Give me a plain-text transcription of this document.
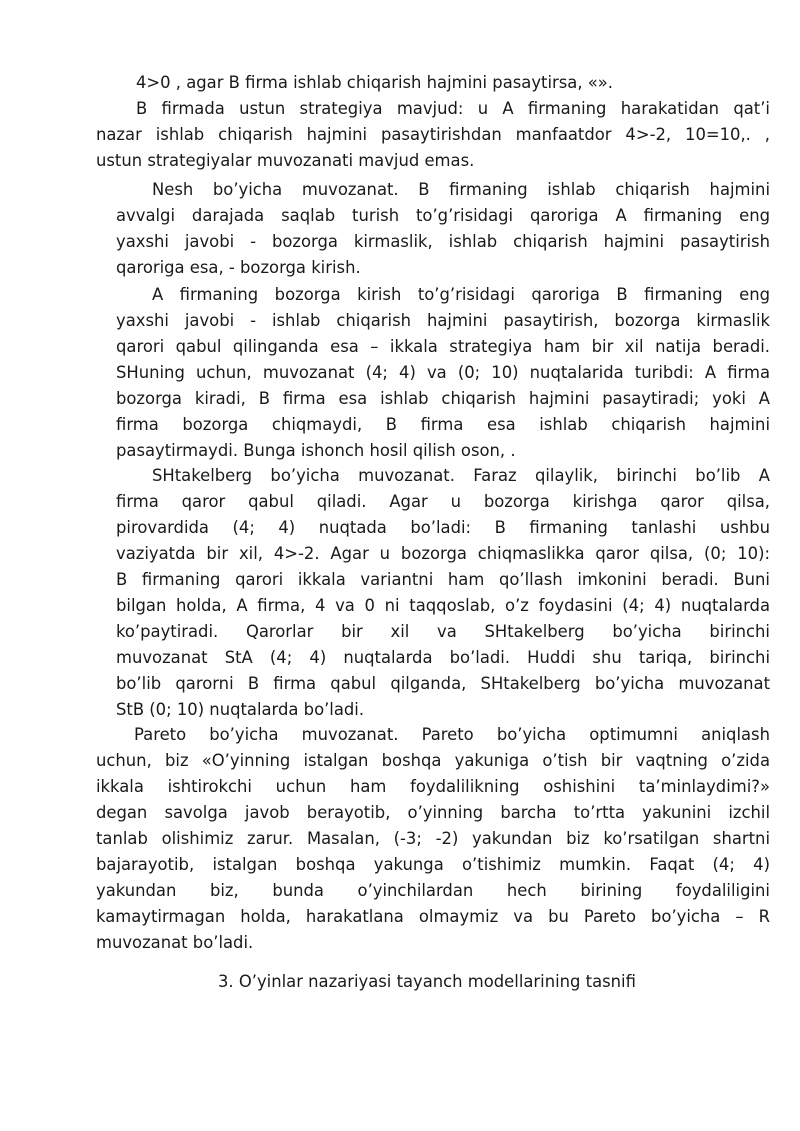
4>0 , agar B firma ishlab chiqarish hajmini pasaytirsa, «».
B firmada ustun strategiya mavjud: u A firmaning harakatidan qat’i
nazar ishlab chiqarish hajmini pasaytirishdan manfaatdor 4>-2, 10=10,. ,
ustun strategiyalar muvozanati mavjud emas.
Nesh bo’yicha muvozanat. B firmaning ishlab chiqarish hajmini
avvalgi darajada saqlab turish to’g’risidagi qaroriga A firmaning eng
yaxshi javobi - bozorga kirmaslik, ishlab chiqarish hajmini pasaytirish
qaroriga esa, - bozorga kirish.
A firmaning bozorga kirish to’g’risidagi qaroriga B firmaning eng
yaxshi javobi - ishlab chiqarish hajmini pasaytirish, bozorga kirmaslik
qarori qabul qilinganda esa – ikkala strategiya ham bir xil natija beradi.
SHuning uchun, muvozanat (4; 4) va (0; 10) nuqtalarida turibdi: A firma
bozorga kiradi, B firma esa ishlab chiqarish hajmini pasaytiradi; yoki A
firma bozorga chiqmaydi, B firma esa ishlab chiqarish hajmini
pasaytirmaydi. Bunga ishonch hosil qilish oson, .
SHtakelberg bo’yicha muvozanat. Faraz qilaylik, birinchi bo’lib A
firma qaror qabul qiladi. Agar u bozorga kirishga qaror qilsa,
pirovardida (4; 4) nuqtada bo’ladi: B firmaning tanlashi ushbu
vaziyatda bir xil, 4>-2. Agar u bozorga chiqmaslikka qaror qilsa, (0; 10):
B firmaning qarori ikkala variantni ham qo’llash imkonini beradi. Buni
bilgan holda, A firma, 4 va 0 ni taqqoslab, o’z foydasini (4; 4) nuqtalarda
ko’paytiradi. Qarorlar bir xil va SHtakelberg bo’yicha birinchi
muvozanat StA (4; 4) nuqtalarda bo’ladi. Huddi shu tariqa, birinchi
bo’lib qarorni B firma qabul qilganda, SHtakelberg bo’yicha muvozanat
StB (0; 10) nuqtalarda bo’ladi.
Pareto bo’yicha muvozanat. Pareto bo’yicha optimumni aniqlash
uchun, biz «O’yinning istalgan boshqa yakuniga o’tish bir vaqtning o’zida
ikkala ishtirokchi uchun ham foydalilikning oshishini ta’minlaydimi?»
degan savolga javob berayotib, o’yinning barcha to’rtta yakunini izchil
tanlab olishimiz zarur. Masalan, (-3; -2) yakundan biz ko’rsatilgan shartni
bajarayotib, istalgan boshqa yakunga o’tishimiz mumkin. Faqat (4; 4)
yakundan biz, bunda o’yinchilardan hech birining foydaliligini
kamaytirmagan holda, harakatlana olmaymiz va bu Pareto bo’yicha – R
muvozanat bo’ladi.
3. O’yinlar nazariyasi tayanch modellarining tasnifi
